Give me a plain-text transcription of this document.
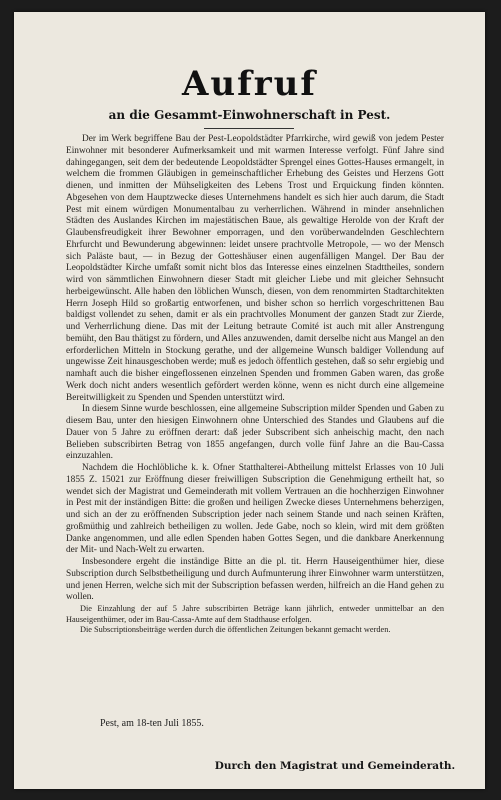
Aufruf
an die Gesammt-Einwohnerschaft in Pest.

Der im Werk begriffene Bau der Pest-Leopoldstädter Pfarrkirche, wird gewiß von jedem Pester Einwohner mit besonderer Aufmerksamkeit und mit warmen Interesse verfolgt. Fünf Jahre sind dahingegangen, seit dem der bedeutende Leopoldstädter Sprengel eines Gottes-Hauses ermangelt, in welchem die frommen Gläubigen in gemeinschaftlicher Erhebung des Geistes und Herzens Gott dienen, und inmitten der Mühseligkeiten des Lebens Trost und Erquickung finden könnten. Abgesehen von dem Hauptzwecke dieses Unternehmens handelt es sich hier auch darum, die Stadt Pest mit einem würdigen Monumentalbau zu verherrlichen. Während in minder ansehnlichen Städten des Auslandes Kirchen im majestätischen Baue, als gewaltige Herolde von der Kraft der Glaubensfreudigkeit ihrer Bewohner emporragen, und den vorüberwandelnden Geschlechtern Ehrfurcht und Bewunderung abgewinnen: leidet unsere prachtvolle Metropole, — wo der Mensch sich Paläste baut, — in Bezug der Gotteshäuser einen augenfälligen Mangel. Der Bau der Leopoldstädter Kirche umfaßt somit nicht blos das Interesse eines einzelnen Stadttheiles, sondern wird von sämmtlichen Einwohnern dieser Stadt mit gleicher Liebe und mit gleicher Sehnsucht herbeigewünscht. Alle haben den löblichen Wunsch, diesen, von dem renommirten Stadtarchitekten Herrn Joseph Hild so großartig entworfenen, und bisher schon so herrlich vorgeschrittenen Bau baldigst vollendet zu sehen, damit er als ein prachtvolles Monument der ganzen Stadt zur Zierde, und Verherrlichung diene. Das mit der Leitung betraute Comité ist auch mit aller Anstrengung bemüht, den Bau thätigst zu fördern, und Alles anzuwenden, damit derselbe nicht aus Mangel an den erforderlichen Mitteln in Stockung gerathe, und der allgemeine Wunsch baldiger Vollendung auf ungewisse Zeit hinausgeschoben werde; muß es jedoch öffentlich gestehen, daß so sehr ergiebig und namhaft auch die bisher eingeflossenen einzelnen Spenden und frommen Gaben waren, das große Werk doch nicht anders wesentlich gefördert werden könne, wenn es nicht durch eine allgemeine Bereitwilligkeit zu Spenden und Spenden unterstützt wird.

In diesem Sinne wurde beschlossen, eine allgemeine Subscription milder Spenden und Gaben zu diesem Bau, unter den hiesigen Einwohnern ohne Unterschied des Standes und Glaubens auf die Dauer von 5 Jahre zu eröffnen derart: daß jeder Subscribent sich anheischig macht, den nach Belieben subscribirten Betrag von 1855 angefangen, durch volle fünf Jahre an die Bau-Cassa einzuzahlen.

Nachdem die Hochlöbliche k. k. Ofner Statthalterei-Abtheilung mittelst Erlasses von 10 Juli 1855 Z. 15021 zur Eröffnung dieser freiwilligen Subscription die Genehmigung ertheilt hat, so wendet sich der Magistrat und Gemeinderath mit vollem Vertrauen an die hochherzigen Einwohner in Pest mit der inständigen Bitte: die großen und heiligen Zwecke dieses Unternehmens beherzigen, und sich an der zu eröffnenden Subscription jeder nach seinem Stande und nach seinen Kräften, großmüthig und zahlreich betheiligen zu wollen. Jede Gabe, noch so klein, wird mit dem größten Danke angenommen, und alle edlen Spenden haben Gottes Segen, und die dankbare Anerkennung der Mit- und Nach-Welt zu erwarten.

Insbesondere ergeht die inständige Bitte an die pl. tit. Herrn Hauseigenthümer hier, diese Subscription durch Selbstbetheiligung und durch Aufmunterung ihrer Einwohner warm unterstützen, und jenen Herren, welche sich mit der Subscription befassen werden, hilfreich an die Hand gehen zu wollen.

Die Einzahlung der auf 5 Jahre subscribirten Beträge kann jährlich, entweder unmittelbar an den Hauseigenthümer, oder im Bau-Cassa-Amte auf dem Stadthause erfolgen.

Die Subscriptionsbeiträge werden durch die öffentlichen Zeitungen bekannt gemacht werden.

Pest, am 18-ten Juli 1855.
Durch den Magistrat und Gemeinderath.
